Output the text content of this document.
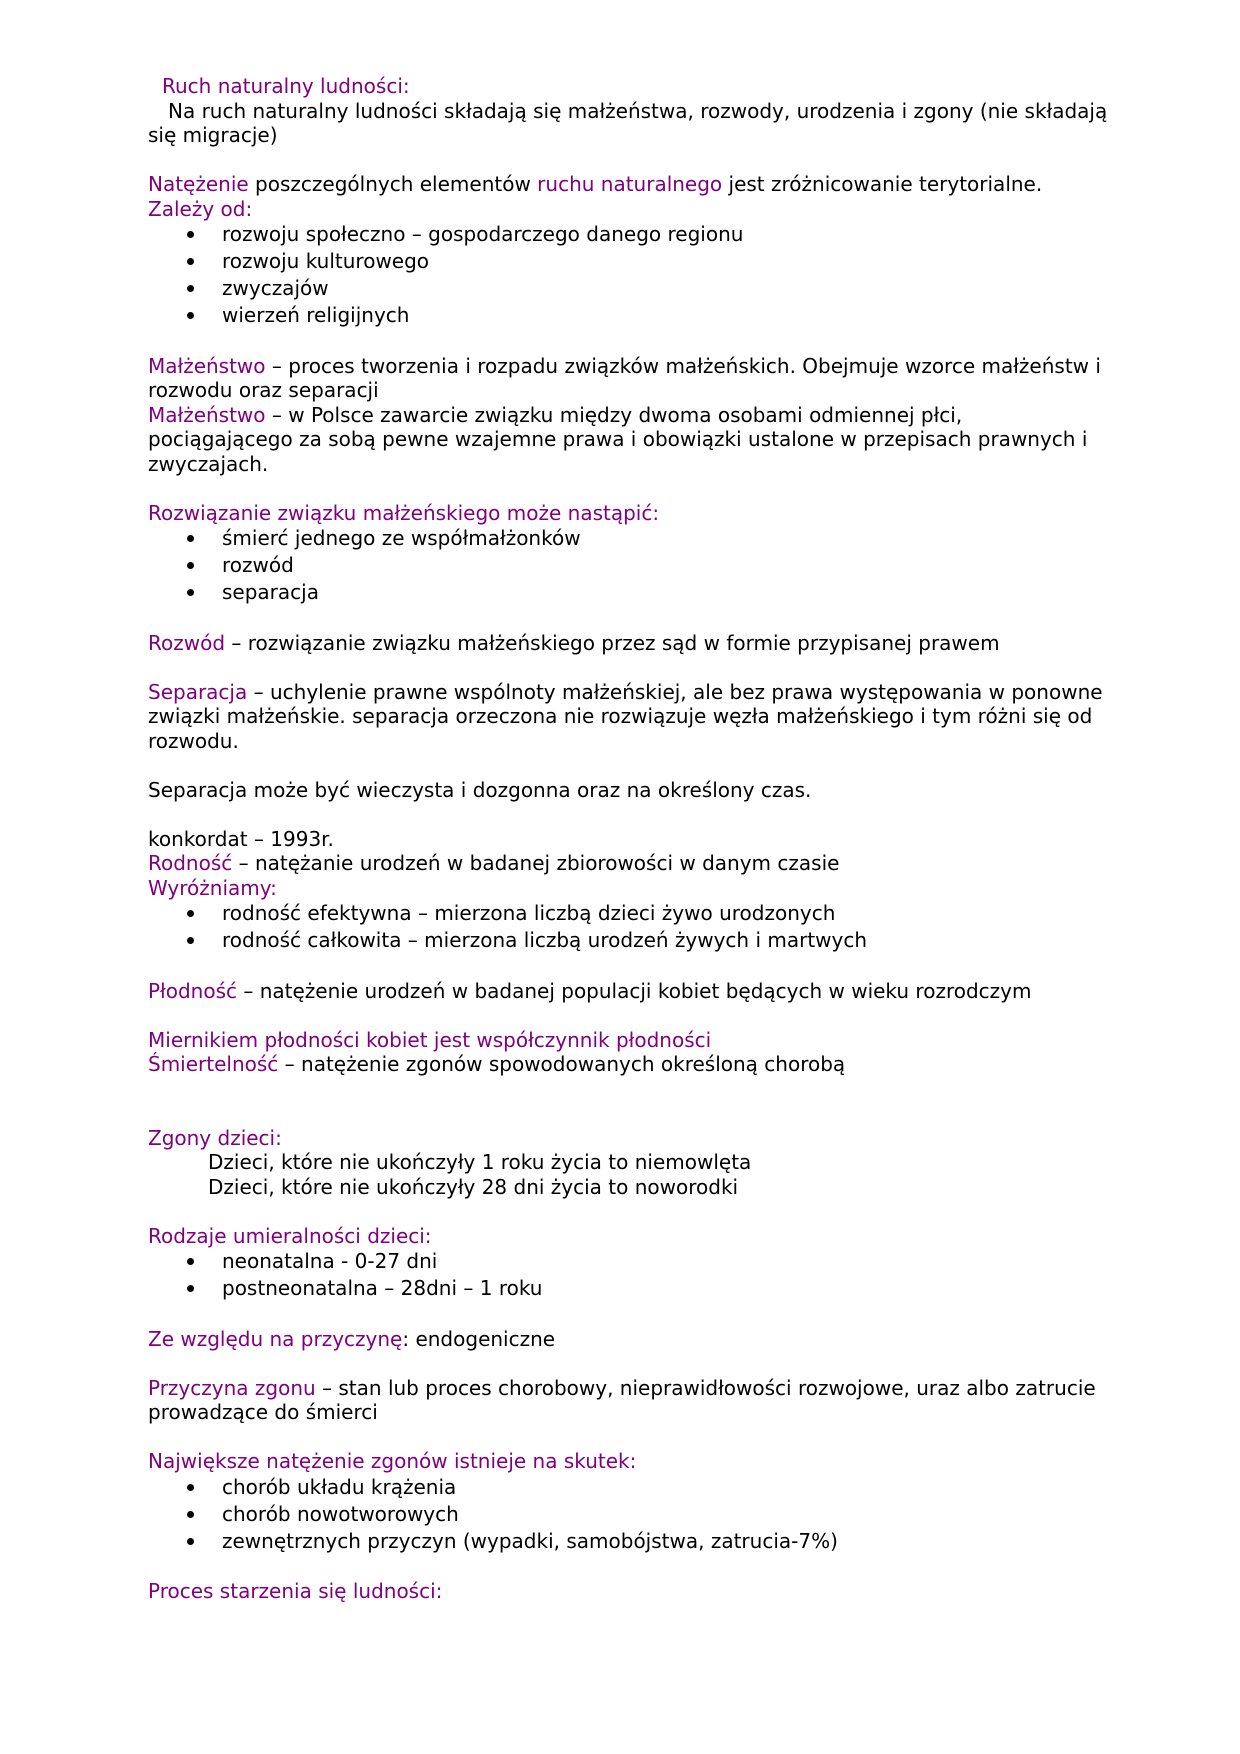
Ruch naturalny ludności:

Na ruch naturalny ludności składają się małżeństwa, rozwody, urodzenia i zgony (nie składają się migracje)

Natężenie poszczególnych elementów ruchu naturalnego jest zróżnicowanie terytorialne.

Zależy od:

rozwoju społeczno – gospodarczego danego regionu
rozwoju kulturowego
zwyczajów
wierzeń religijnych

Małżeństwo – proces tworzenia i rozpadu związków małżeńskich. Obejmuje wzorce małżeństw i rozwodu oraz separacji

Małżeństwo – w Polsce zawarcie związku między dwoma osobami odmiennej płci, pociągającego za sobą pewne wzajemne prawa i obowiązki ustalone w przepisach prawnych i zwyczajach.

Rozwiązanie związku małżeńskiego może nastąpić:

śmierć jednego ze współmałżonków
rozwód
separacja

Rozwód – rozwiązanie związku małżeńskiego przez sąd w formie przypisanej prawem

Separacja – uchylenie prawne wspólnoty małżeńskiej, ale bez prawa występowania w ponowne związki małżeńskie. separacja orzeczona nie rozwiązuje węzła małżeńskiego i tym różni się od rozwodu.

Separacja może być wieczysta i dozgonna oraz na określony czas.

konkordat – 1993r.

Rodność – natężanie urodzeń w badanej zbiorowości w danym czasie

Wyróżniamy:

rodność efektywna – mierzona liczbą dzieci żywo urodzonych
rodność całkowita – mierzona liczbą urodzeń żywych i martwych

Płodność – natężenie urodzeń w badanej populacji kobiet będących w wieku rozrodczym

Miernikiem płodności kobiet jest współczynnik płodności

Śmiertelność – natężenie zgonów spowodowanych określoną chorobą

Zgony dzieci:

Dzieci, które nie ukończyły 1 roku życia to niemowlęta

Dzieci, które nie ukończyły 28 dni życia to noworodki

Rodzaje umieralności dzieci:

neonatalna - 0-27 dni
postneonatalna – 28dni – 1 roku

Ze względu na przyczynę: endogeniczne

Przyczyna zgonu – stan lub proces chorobowy, nieprawidłowości rozwojowe, uraz albo zatrucie prowadzące do śmierci

Największe natężenie zgonów istnieje na skutek:

chorób układu krążenia
chorób nowotworowych
zewnętrznych przyczyn (wypadki, samobójstwa, zatrucia-7%)

Proces starzenia się ludności:
